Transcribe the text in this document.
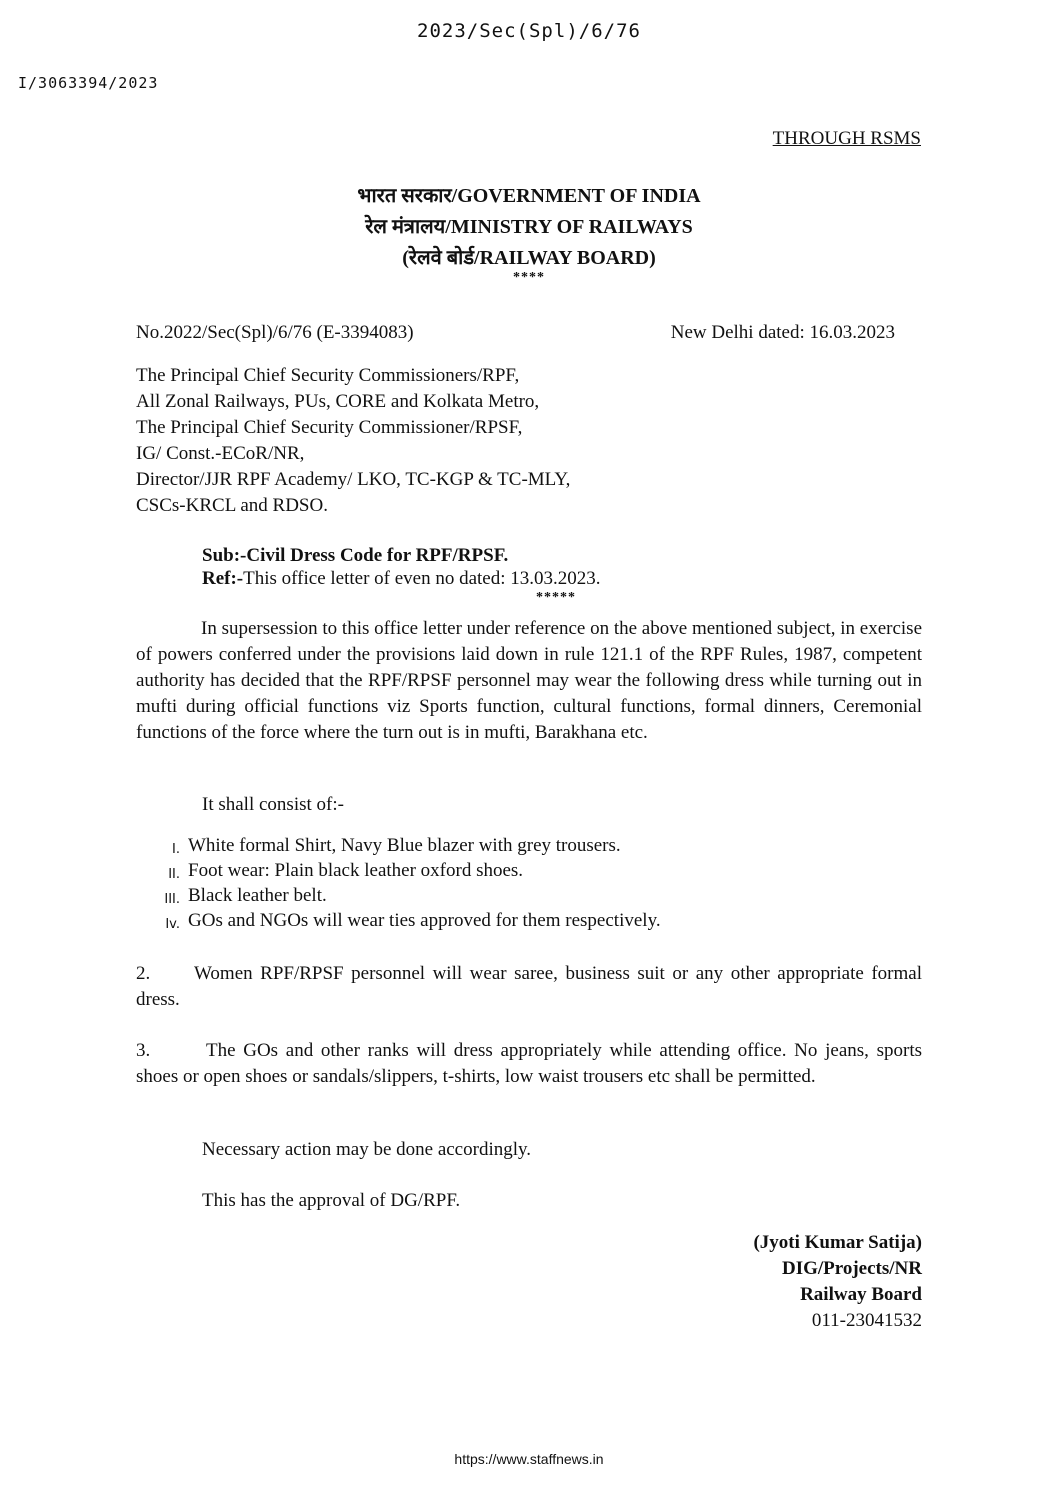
2023/Sec(Spl)/6/76
I/3063394/2023
THROUGH RSMS
भारत सरकार/GOVERNMENT OF INDIA
रेल मंत्रालय/MINISTRY OF RAILWAYS
(रेलवे बोर्ड/RAILWAY BOARD)
****
No.2022/Sec(Spl)/6/76 (E-3394083)	New Delhi dated: 16.03.2023
The Principal Chief Security Commissioners/RPF,
All Zonal Railways, PUs, CORE and Kolkata Metro,
The Principal Chief Security Commissioner/RPSF,
IG/ Const.-ECoR/NR,
Director/JJR RPF Academy/ LKO, TC-KGP & TC-MLY,
CSCs-KRCL and RDSO.
Sub:-Civil Dress Code for RPF/RPSF.
Ref:-This office letter of even no dated: 13.03.2023.
*****

In supersession to this office letter under reference on the above mentioned subject, in exercise of powers conferred under the provisions laid down in rule 121.1 of the RPF Rules, 1987, competent authority has decided that the RPF/RPSF personnel may wear the following dress while turning out in mufti during official functions viz Sports function, cultural functions, formal dinners, Ceremonial functions of the force where the turn out is in mufti, Barakhana etc.

It shall consist of:-
I. White formal Shirt, Navy Blue blazer with grey trousers.
II. Foot wear: Plain black leather oxford shoes.
III. Black leather belt.
Iv. GOs and NGOs will wear ties approved for them respectively.

2. Women RPF/RPSF personnel will wear saree, business suit or any other appropriate formal dress.

3.	The GOs and other ranks will dress appropriately while attending office. No jeans, sports shoes or open shoes or sandals/slippers, t-shirts, low waist trousers etc shall be permitted.

Necessary action may be done accordingly.
This has the approval of DG/RPF.
(Jyoti Kumar Satija)
DIG/Projects/NR
Railway Board
011-23041532
https://www.staffnews.in
